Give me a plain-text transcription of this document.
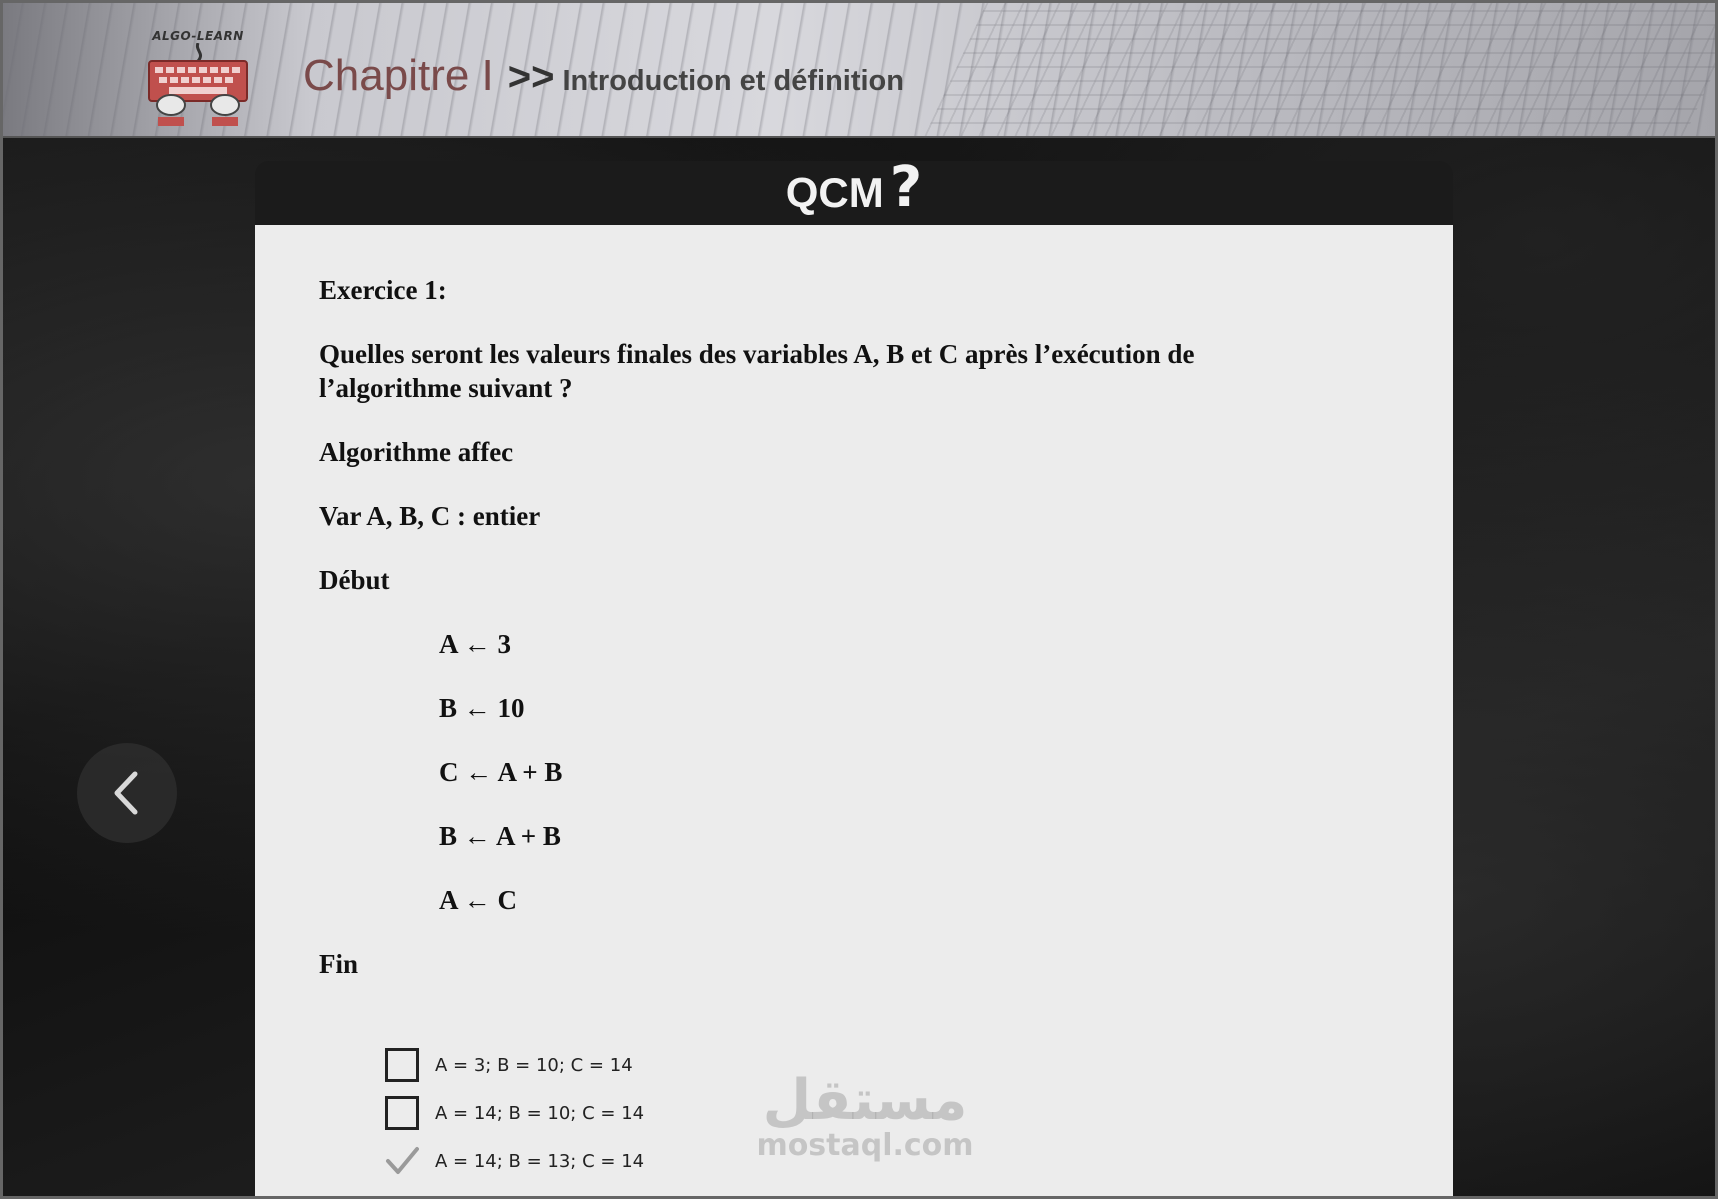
ALGO-LEARN
Chapitre I >> Introduction et définition
QCM ?

Exercice 1:

Quelles seront les valeurs finales des variables A, B et C après l’exécution de l’algorithme suivant ?

Algorithme affec

Var A, B, C : entier

Début

A ← 3

B ← 10

C ← A + B

B ← A + B

A ← C

Fin

A = 3; B = 10; C = 14
A = 14; B = 10; C = 14
A = 14; B = 13; C = 14
مستقل
mostaql.com
